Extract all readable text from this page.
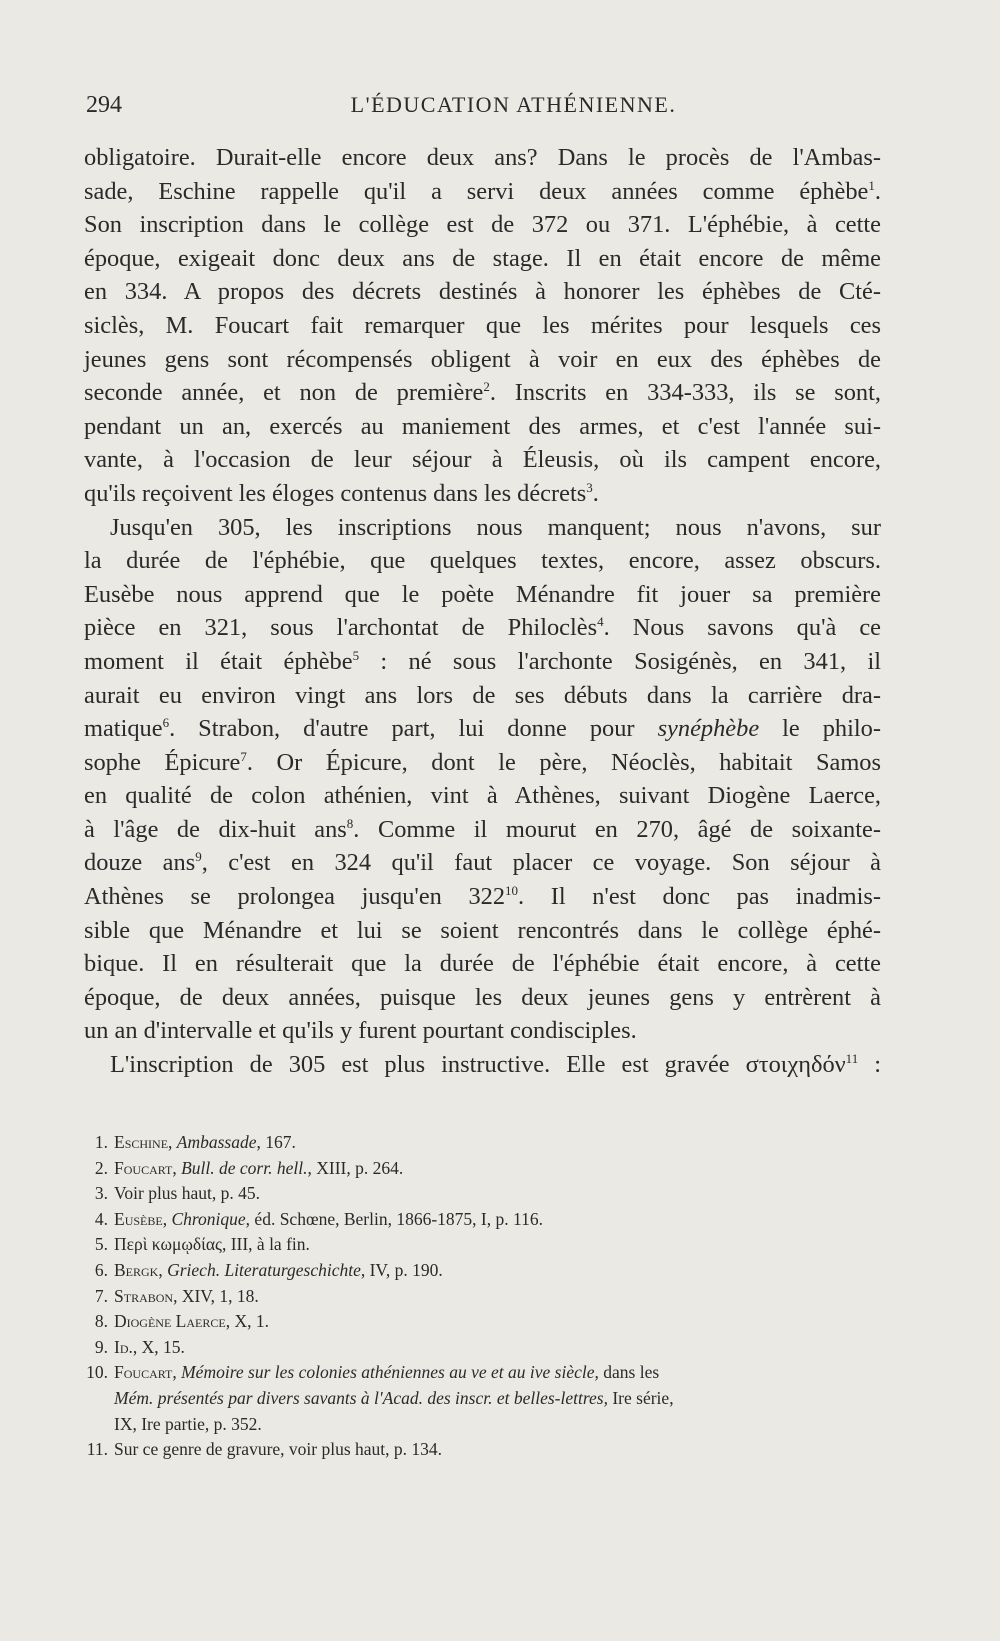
294	L'ÉDUCATION ATHÉNIENNE.
obligatoire. Durait-elle encore deux ans? Dans le procès de l'Ambas-
sade, Eschine rappelle qu'il a servi deux années comme éphèbe$^1$.
Son inscription dans le collège est de 372 ou 371. L'éphébie, à cette
époque, exigeait donc deux ans de stage. Il en était encore de même
en 334. A propos des décrets destinés à honorer les éphèbes de Cté-
siclès, M. Foucart fait remarquer que les mérites pour lesquels ces
jeunes gens sont récompensés obligent à voir en eux des éphèbes de
seconde année, et non de première$^2$. Inscrits en 334-333, ils se sont,
pendant un an, exercés au maniement des armes, et c'est l'année sui-
vante, à l'occasion de leur séjour à Éleusis, où ils campent encore,
qu'ils reçoivent les éloges contenus dans les décrets$^3$.
Jusqu'en 305, les inscriptions nous manquent; nous n'avons, sur
la durée de l'éphébie, que quelques textes, encore, assez obscurs.
Eusèbe nous apprend que le poète Ménandre fit jouer sa première
pièce en 321, sous l'archontat de Philoclès$^4$. Nous savons qu'à ce
moment il était éphèbe$^5$ : né sous l'archonte Sosigénès, en 341, il
aurait eu environ vingt ans lors de ses débuts dans la carrière dra-
matique$^6$. Strabon, d'autre part, lui donne pour synéphèbe le philo-
sophe Épicure$^7$. Or Épicure, dont le père, Néoclès, habitait Samos
en qualité de colon athénien, vint à Athènes, suivant Diogène Laerce,
à l'âge de dix-huit ans$^8$. Comme il mourut en 270, âgé de soixante-
douze ans$^9$, c'est en 324 qu'il faut placer ce voyage. Son séjour à
Athènes se prolongea jusqu'en $322^{10}$. Il n'est donc pas inadmis-
sible que Ménandre et lui se soient rencontrés dans le collège éphé-
bique. Il en résulterait que la durée de l'éphébie était encore, à cette
époque, de deux années, puisque les deux jeunes gens y entrèrent à
un an d'intervalle et qu'ils y furent pourtant condisciples.
L'inscription de 305 est plus instructive. Elle est gravée στοιχηδόν$^{11}$ :
1. Eschine, Ambassade, 167.
2. Foucart, Bull. de corr. hell., XIII, p. 264.
3. Voir plus haut, p. 45.
4. Eusèbe, Chronique, éd. Schœne, Berlin, 1866-1875, I, p. 116.
5. Περὶ κωμῳδίας, III, à la fin.
6. Bergk, Griech. Literaturgeschichte, IV, p. 190.
7. Strabon, XIV, 1, 18.
8. Diogène Laerce, X, 1.
9. Id., X, 15.
10. Foucart, Mémoire sur les colonies athéniennes au ve et au ive siècle, dans les
Mém. présentés par divers savants à l'Acad. des inscr. et belles-lettres, Ire série,
IX, Ire partie, p. 352.
11. Sur ce genre de gravure, voir plus haut, p. 134.
